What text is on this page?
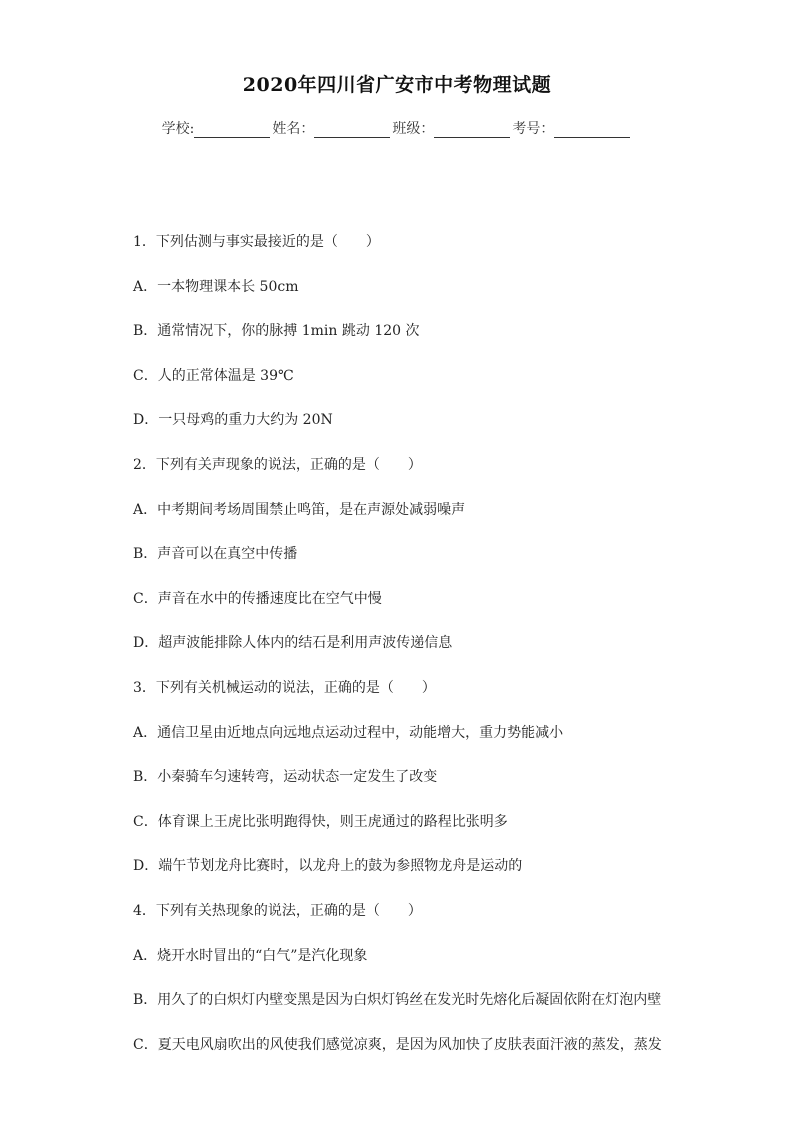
2020年四川省广安市中考物理试题
学校:	姓名：	班级：	考号：
1．下列估测与事实最接近的是（　　）
A．一本物理课本长 50cm
B．通常情况下，你的脉搏 1min 跳动 120 次
C．人的正常体温是 39℃
D．一只母鸡的重力大约为 20N
2．下列有关声现象的说法，正确的是（　　）
A．中考期间考场周围禁止鸣笛，是在声源处减弱噪声
B．声音可以在真空中传播
C．声音在水中的传播速度比在空气中慢
D．超声波能排除人体内的结石是利用声波传递信息
3．下列有关机械运动的说法，正确的是（　　）
A．通信卫星由近地点向远地点运动过程中，动能增大，重力势能减小
B．小秦骑车匀速转弯，运动状态一定发生了改变
C．体育课上王虎比张明跑得快，则王虎通过的路程比张明多
D．端午节划龙舟比赛时，以龙舟上的鼓为参照物龙舟是运动的
4．下列有关热现象的说法，正确的是（　　）
A．烧开水时冒出的“白气”是汽化现象
B．用久了的白炽灯内壁变黑是因为白炽灯钨丝在发光时先熔化后凝固依附在灯泡内壁
C．夏天电风扇吹出的风使我们感觉凉爽，是因为风加快了皮肤表面汗液的蒸发，蒸发
